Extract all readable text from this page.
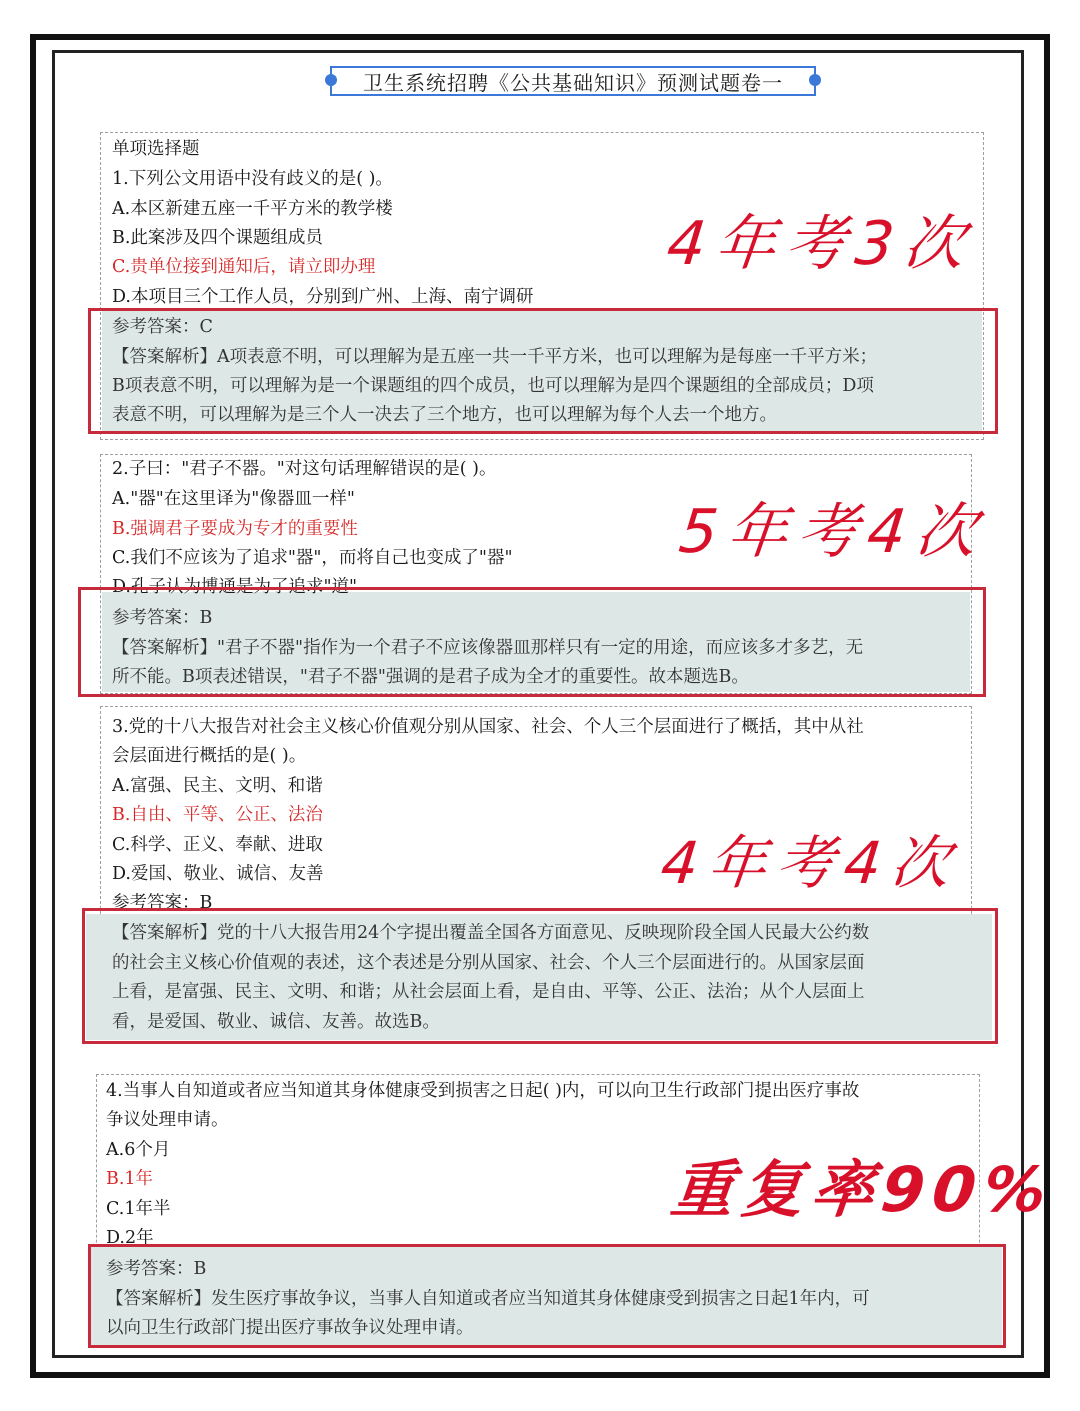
卫生系统招聘《公共基础知识》预测试题卷一
单项选择题
1.下列公文用语中没有歧义的是( )。
A.本区新建五座一千平方米的教学楼
B.此案涉及四个课题组成员
C.贵单位接到通知后，请立即办理
D.本项目三个工作人员，分别到广州、上海、南宁调研
参考答案：C
【答案解析】A项表意不明，可以理解为是五座一共一千平方米，也可以理解为是每座一千平方米；
B项表意不明，可以理解为是一个课题组的四个成员，也可以理解为是四个课题组的全部成员；D项
表意不明，可以理解为是三个人一决去了三个地方，也可以理解为每个人去一个地方。
4年考3次
2.子曰："君子不器。"对这句话理解错误的是( )。
A."器"在这里译为"像器皿一样"
B.强调君子要成为专才的重要性
C.我们不应该为了追求"器"，而将自己也变成了"器"
D.孔子认为博通是为了追求"道"
参考答案：B
【答案解析】"君子不器"指作为一个君子不应该像器皿那样只有一定的用途，而应该多才多艺，无
所不能。B项表述错误，"君子不器"强调的是君子成为全才的重要性。故本题选B。
5年考4次
3.党的十八大报告对社会主义核心价值观分别从国家、社会、个人三个层面进行了概括，其中从社
会层面进行概括的是( )。
A.富强、民主、文明、和谐
B.自由、平等、公正、法治
C.科学、正义、奉献、进取
D.爱国、敬业、诚信、友善
参考答案：B
【答案解析】党的十八大报告用24个字提出覆盖全国各方面意见、反映现阶段全国人民最大公约数
的社会主义核心价值观的表述，这个表述是分别从国家、社会、个人三个层面进行的。从国家层面
上看，是富强、民主、文明、和谐；从社会层面上看，是自由、平等、公正、法治；从个人层面上
看，是爱国、敬业、诚信、友善。故选B。
4年考4次
4.当事人自知道或者应当知道其身体健康受到损害之日起( )内，可以向卫生行政部门提出医疗事故
争议处理申请。
A.6个月
B.1年
C.1年半
D.2年
参考答案：B
【答案解析】发生医疗事故争议，当事人自知道或者应当知道其身体健康受到损害之日起1年内，可
以向卫生行政部门提出医疗事故争议处理申请。
重复率90%
